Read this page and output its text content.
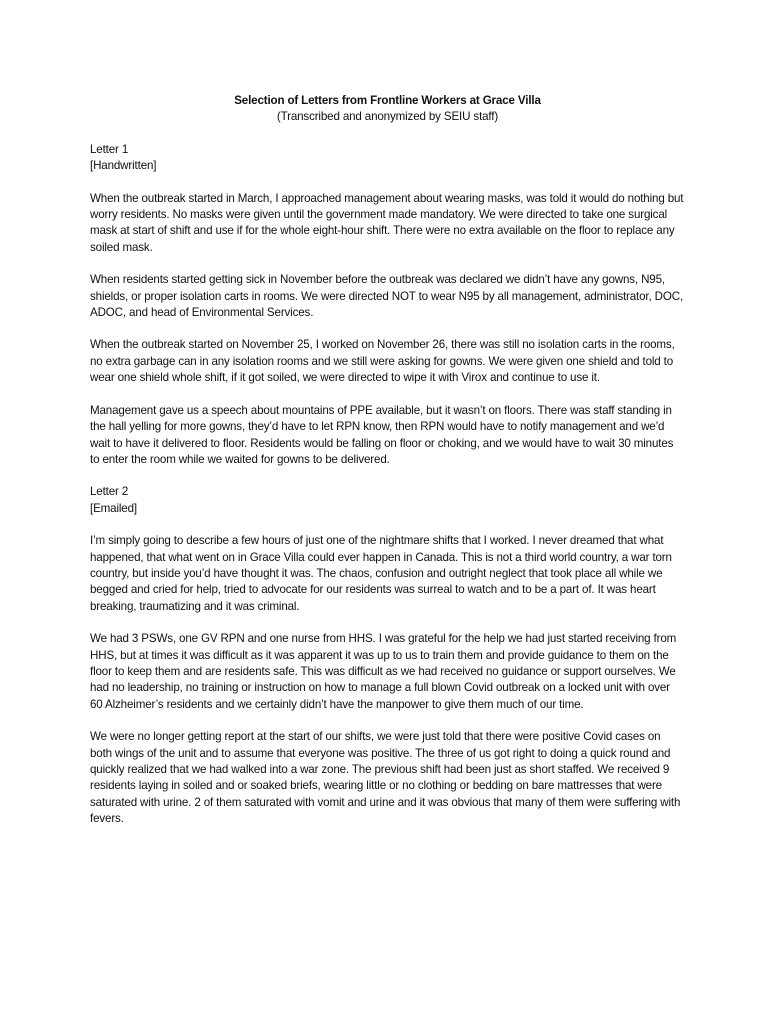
Selection of Letters from Frontline Workers at Grace Villa

(Transcribed and anonymized by SEIU staff)

Letter 1

[Handwritten]

When the outbreak started in March, I approached management about wearing masks, was told it would do nothing but worry residents. No masks were given until the government made mandatory. We were directed to take one surgical mask at start of shift and use if for the whole eight-hour shift. There were no extra available on the floor to replace any soiled mask.

When residents started getting sick in November before the outbreak was declared we didn’t have any gowns, N95, shields, or proper isolation carts in rooms. We were directed NOT to wear N95 by all management, administrator, DOC, ADOC, and head of Environmental Services.

When the outbreak started on November 25, I worked on November 26, there was still no isolation carts in the rooms, no extra garbage can in any isolation rooms and we still were asking for gowns. We were given one shield and told to wear one shield whole shift, if it got soiled, we were directed to wipe it with Virox and continue to use it.

Management gave us a speech about mountains of PPE available, but it wasn’t on floors. There was staff standing in the hall yelling for more gowns, they’d have to let RPN know, then RPN would have to notify management and we’d wait to have it delivered to floor. Residents would be falling on floor or choking, and we would have to wait 30 minutes to enter the room while we waited for gowns to be delivered.

Letter 2

[Emailed]

I’m simply going to describe a few hours of just one of the nightmare shifts that I worked. I never dreamed that what happened, that what went on in Grace Villa could ever happen in Canada. This is not a third world country, a war torn country, but inside you’d have thought it was. The chaos, confusion and outright neglect that took place all while we begged and cried for help, tried to advocate for our residents was surreal to watch and to be a part of. It was heart breaking, traumatizing and it was criminal.

We had 3 PSWs, one GV RPN and one nurse from HHS. I was grateful for the help we had just started receiving from HHS, but at times it was difficult as it was apparent it was up to us to train them and provide guidance to them on the floor to keep them and are residents safe. This was difficult as we had received no guidance or support ourselves. We had no leadership, no training or instruction on how to manage a full blown Covid outbreak on a locked unit with over 60 Alzheimer’s residents and we certainly didn’t have the manpower to give them much of our time.

We were no longer getting report at the start of our shifts, we were just told that there were positive Covid cases on both wings of the unit and to assume that everyone was positive. The three of us got right to doing a quick round and quickly realized that we had walked into a war zone. The previous shift had been just as short staffed. We received 9 residents laying in soiled and or soaked briefs, wearing little or no clothing or bedding on bare mattresses that were saturated with urine. 2 of them saturated with vomit and urine and it was obvious that many of them were suffering with fevers.
